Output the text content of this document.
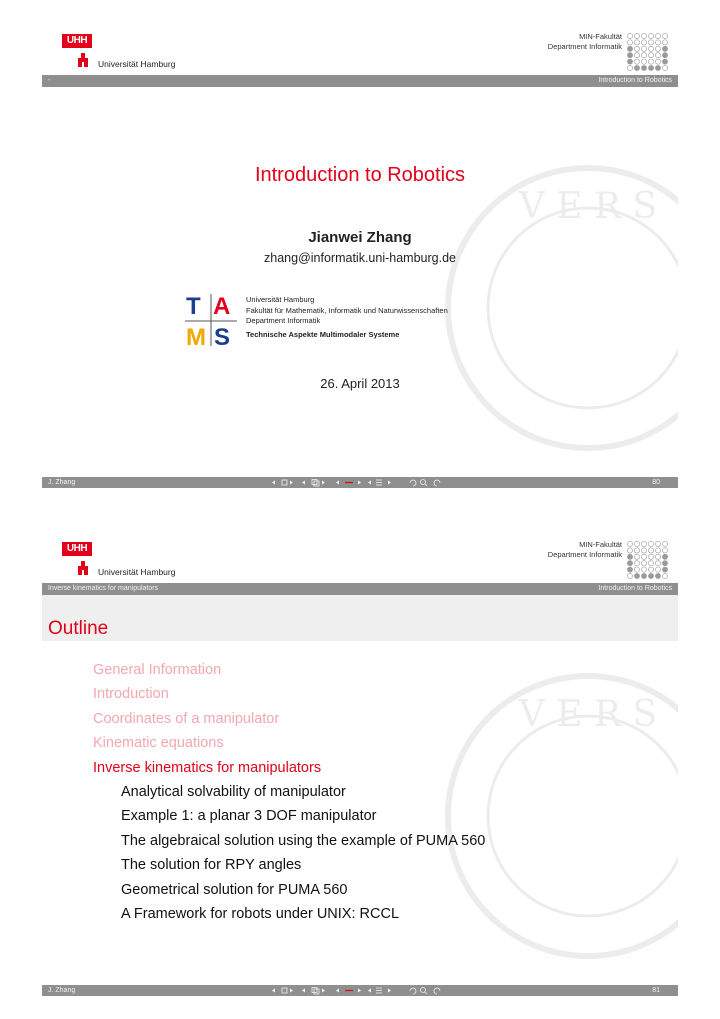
UHH
Universität Hamburg
MIN-Fakultät
Department Informatik
-	Introduction to Robotics
V E R S
Introduction to Robotics
Jianwei Zhang
zhang@informatik.uni-hamburg.de
T A
M S
Universität Hamburg
Fakultät für Mathematik, Informatik und Naturwissenschaften
Department Informatik
Technische Aspekte Multimodaler Systeme
26. April 2013
J. Zhang	80
UHH
Universität Hamburg
MIN-Fakultät
Department Informatik
Inverse kinematics for manipulators	Introduction to Robotics
Outline
V E R S
General Information
Introduction
Coordinates of a manipulator
Kinematic equations
Inverse kinematics for manipulators
Analytical solvability of manipulator
Example 1: a planar 3 DOF manipulator
The algebraical solution using the example of PUMA 560
The solution for RPY angles
Geometrical solution for PUMA 560
A Framework for robots under UNIX: RCCL
J. Zhang	81
